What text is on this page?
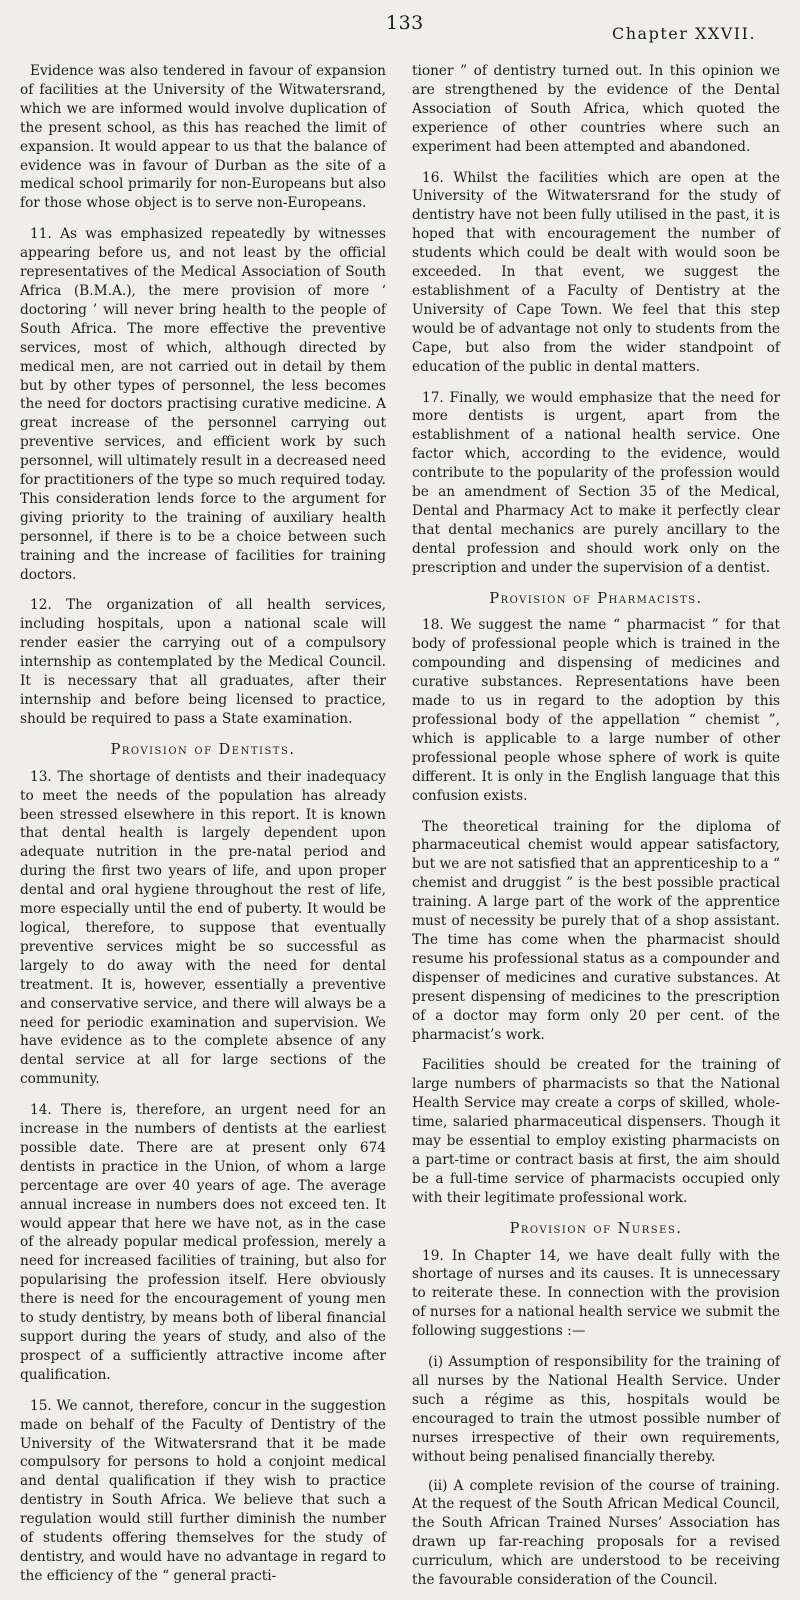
133	Chapter XXVII.

Evidence was also tendered in favour of expansion of facilities at the University of the Witwatersrand, which we are informed would involve duplication of the present school, as this has reached the limit of expansion. It would appear to us that the balance of evidence was in favour of Durban as the site of a medical school primarily for non-Europeans but also for those whose object is to serve non-Europeans.

11. As was emphasized repeatedly by witnesses appearing before us, and not least by the official representatives of the Medical Association of South Africa (B.M.A.), the mere provision of more ‘ doctoring ’ will never bring health to the people of South Africa. The more effective the preventive services, most of which, although directed by medical men, are not carried out in detail by them but by other types of personnel, the less becomes the need for doctors practising curative medicine. A great increase of the personnel carrying out preventive services, and efficient work by such personnel, will ultimately result in a decreased need for practitioners of the type so much required today. This consideration lends force to the argument for giving priority to the training of auxiliary health personnel, if there is to be a choice between such training and the increase of facilities for training doctors.

12. The organization of all health services, including hospitals, upon a national scale will render easier the carrying out of a compulsory internship as contemplated by the Medical Council. It is necessary that all graduates, after their internship and before being licensed to practice, should be required to pass a State examination.

Provision of Dentists.

13. The shortage of dentists and their inadequacy to meet the needs of the population has already been stressed elsewhere in this report. It is known that dental health is largely dependent upon adequate nutrition in the pre-natal period and during the first two years of life, and upon proper dental and oral hygiene throughout the rest of life, more especially until the end of puberty. It would be logical, therefore, to suppose that eventually preventive services might be so successful as largely to do away with the need for dental treatment. It is, however, essentially a preventive and conservative service, and there will always be a need for periodic examination and supervision. We have evidence as to the complete absence of any dental service at all for large sections of the community.

14. There is, therefore, an urgent need for an increase in the numbers of dentists at the earliest possible date. There are at present only 674 dentists in practice in the Union, of whom a large percentage are over 40 years of age. The average annual increase in numbers does not exceed ten. It would appear that here we have not, as in the case of the already popular medical profession, merely a need for increased facilities of training, but also for popularising the profession itself. Here obviously there is need for the encouragement of young men to study dentistry, by means both of liberal financial support during the years of study, and also of the prospect of a sufficiently attractive income after qualification.

15. We cannot, therefore, concur in the suggestion made on behalf of the Faculty of Dentistry of the University of the Witwatersrand that it be made compulsory for persons to hold a conjoint medical and dental qualification if they wish to practice dentistry in South Africa. We believe that such a regulation would still further diminish the number of students offering themselves for the study of dentistry, and would have no advantage in regard to the efficiency of the “ general practi-

tioner ” of dentistry turned out. In this opinion we are strengthened by the evidence of the Dental Association of South Africa, which quoted the experience of other countries where such an experiment had been attempted and abandoned.

16. Whilst the facilities which are open at the University of the Witwatersrand for the study of dentistry have not been fully utilised in the past, it is hoped that with encouragement the number of students which could be dealt with would soon be exceeded. In that event, we suggest the establishment of a Faculty of Dentistry at the University of Cape Town. We feel that this step would be of advantage not only to students from the Cape, but also from the wider standpoint of education of the public in dental matters.

17. Finally, we would emphasize that the need for more dentists is urgent, apart from the establishment of a national health service. One factor which, according to the evidence, would contribute to the popularity of the profession would be an amendment of Section 35 of the Medical, Dental and Pharmacy Act to make it perfectly clear that dental mechanics are purely ancillary to the dental profession and should work only on the prescription and under the supervision of a dentist.

Provision of Pharmacists.

18. We suggest the name “ pharmacist ” for that body of professional people which is trained in the compounding and dispensing of medicines and curative substances. Representations have been made to us in regard to the adoption by this professional body of the appellation “ chemist ”, which is applicable to a large number of other professional people whose sphere of work is quite different. It is only in the English language that this confusion exists.

The theoretical training for the diploma of pharmaceutical chemist would appear satisfactory, but we are not satisfied that an apprenticeship to a “ chemist and druggist ” is the best possible practical training. A large part of the work of the apprentice must of necessity be purely that of a shop assistant. The time has come when the pharmacist should resume his professional status as a compounder and dispenser of medicines and curative substances. At present dispensing of medicines to the prescription of a doctor may form only 20 per cent. of the pharmacist’s work.

Facilities should be created for the training of large numbers of pharmacists so that the National Health Service may create a corps of skilled, whole-time, salaried pharmaceutical dispensers. Though it may be essential to employ existing pharmacists on a part-time or contract basis at first, the aim should be a full-time service of pharmacists occupied only with their legitimate professional work.

Provision of Nurses.

19. In Chapter 14, we have dealt fully with the shortage of nurses and its causes. It is unnecessary to reiterate these. In connection with the provision of nurses for a national health service we submit the following suggestions :—

(i) Assumption of responsibility for the training of all nurses by the National Health Service. Under such a régime as this, hospitals would be encouraged to train the utmost possible number of nurses irrespective of their own requirements, without being penalised financially thereby.

(ii) A complete revision of the course of training. At the request of the South African Medical Council, the South African Trained Nurses’ Association has drawn up far-reaching proposals for a revised curriculum, which are understood to be receiving the favourable consideration of the Council.
